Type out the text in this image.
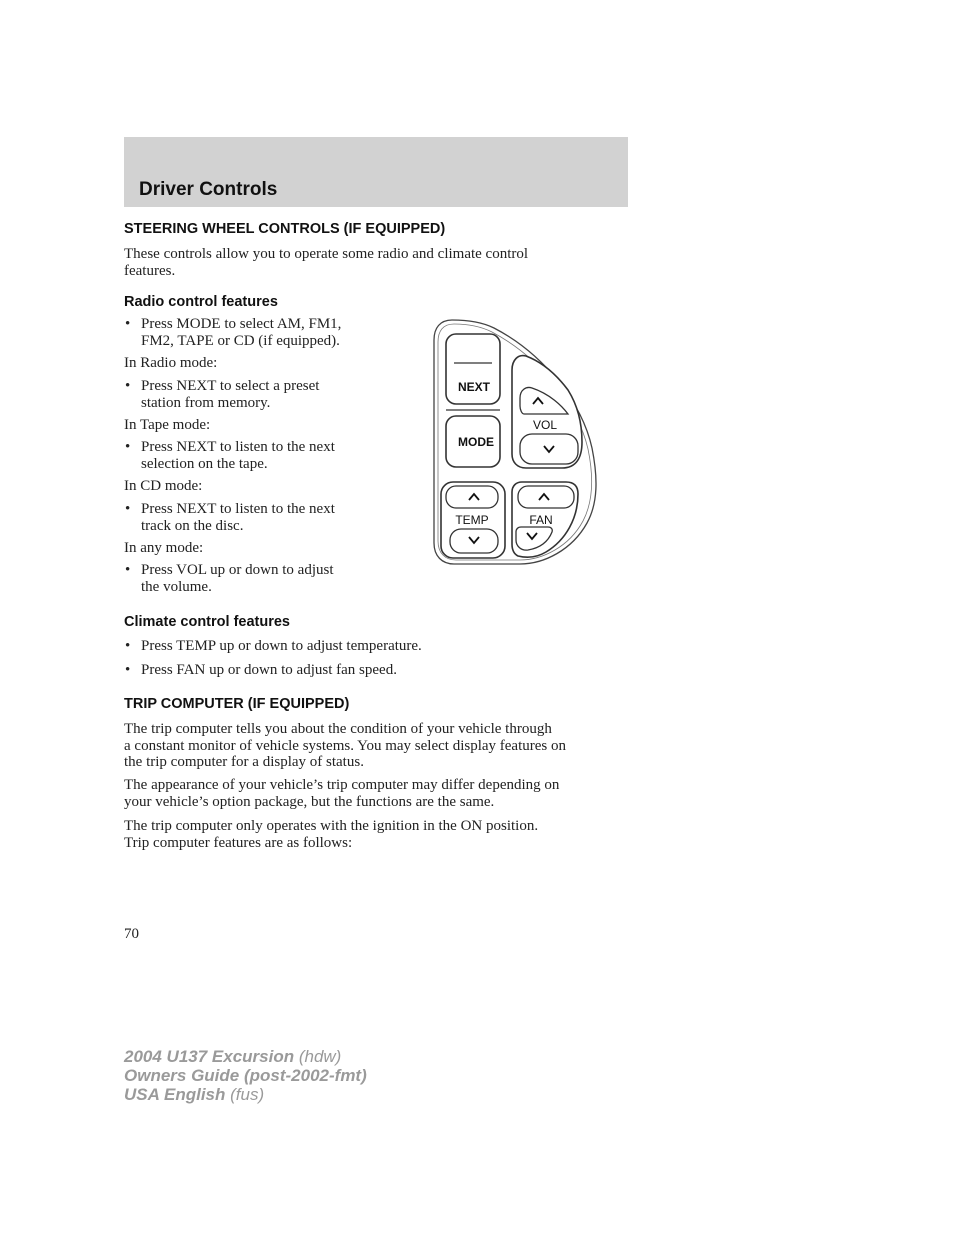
Driver Controls
STEERING WHEEL CONTROLS (IF EQUIPPED)

These controls allow you to operate some radio and climate control
features.

Radio control features

• Press MODE to select AM, FM1,
FM2, TAPE or CD (if equipped).

In Radio mode:

• Press NEXT to select a preset
station from memory.

In Tape mode:

• Press NEXT to listen to the next
selection on the tape.

In CD mode:

• Press NEXT to listen to the next
track on the disc.

In any mode:

• Press VOL up or down to adjust
the volume.

NEXT
MODE
VOL
TEMP	FAN
Climate control features

• Press TEMP up or down to adjust temperature.

• Press FAN up or down to adjust fan speed.

TRIP COMPUTER (IF EQUIPPED)

The trip computer tells you about the condition of your vehicle through
a constant monitor of vehicle systems. You may select display features on
the trip computer for a display of status.

The appearance of your vehicle’s trip computer may differ depending on
your vehicle’s option package, but the functions are the same.

The trip computer only operates with the ignition in the ON position.
Trip computer features are as follows:

70

2004 U137 Excursion (hdw)
Owners Guide (post-2002-fmt)
USA English (fus)
